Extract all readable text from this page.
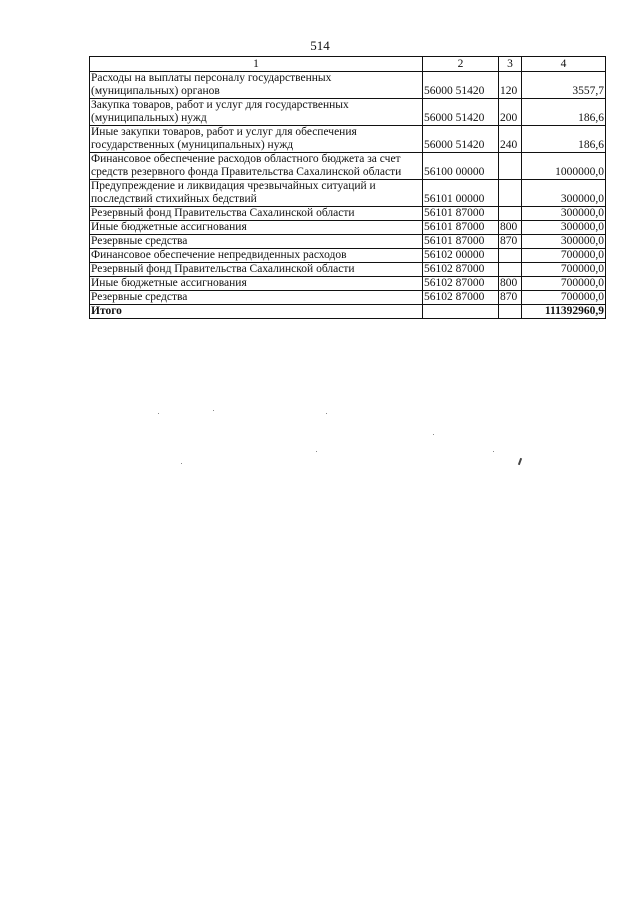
514
1	2	3	4
Расходы на выплаты персоналу государственных (муниципальных) органов	56000 51420	120	3557,7
Закупка товаров, работ и услуг для государственных (муниципальных) нужд	56000 51420	200	186,6
Иные закупки товаров, работ и услуг для обеспечения государственных (муниципальных) нужд	56000 51420	240	186,6
Финансовое обеспечение расходов областного бюджета за счет средств резервного фонда Правительства Сахалинской области	56100 00000		1000000,0
Предупреждение и ликвидация чрезвычайных ситуаций и последствий стихийных бедствий	56101 00000		300000,0
Резервный фонд Правительства Сахалинской области	56101 87000		300000,0
Иные бюджетные ассигнования	56101 87000	800	300000,0
Резервные средства	56101 87000	870	300000,0
Финансовое обеспечение непредвиденных расходов	56102 00000		700000,0
Резервный фонд Правительства Сахалинской области	56102 87000		700000,0
Иные бюджетные ассигнования	56102 87000	800	700000,0
Резервные средства	56102 87000	870	700000,0
Итого			111392960,9
